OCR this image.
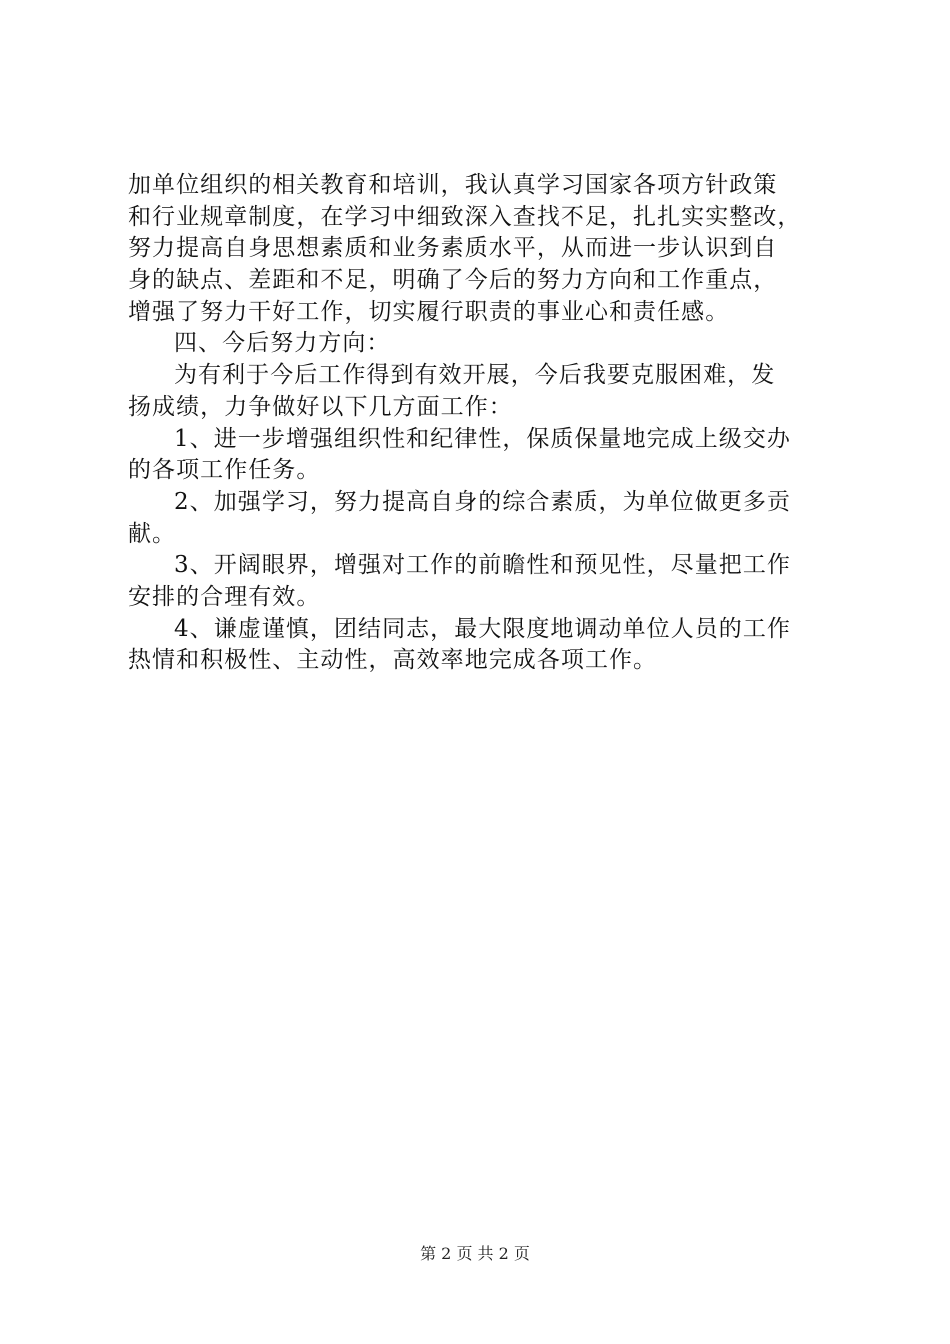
加单位组织的相关教育和培训，我认真学习国家各项方针政策
和行业规章制度，在学习中细致深入查找不足，扎扎实实整改，
努力提高自身思想素质和业务素质水平，从而进一步认识到自
身的缺点、差距和不足，明确了今后的努力方向和工作重点，
增强了努力干好工作，切实履行职责的事业心和责任感。
四、今后努力方向：
为有利于今后工作得到有效开展，今后我要克服困难，发
扬成绩，力争做好以下几方面工作：
1、进一步增强组织性和纪律性，保质保量地完成上级交办
的各项工作任务。
2、加强学习，努力提高自身的综合素质，为单位做更多贡
献。
3、开阔眼界，增强对工作的前瞻性和预见性，尽量把工作
安排的合理有效。
4、谦虚谨慎，团结同志，最大限度地调动单位人员的工作
热情和积极性、主动性，高效率地完成各项工作。
第 2 页 共 2 页
